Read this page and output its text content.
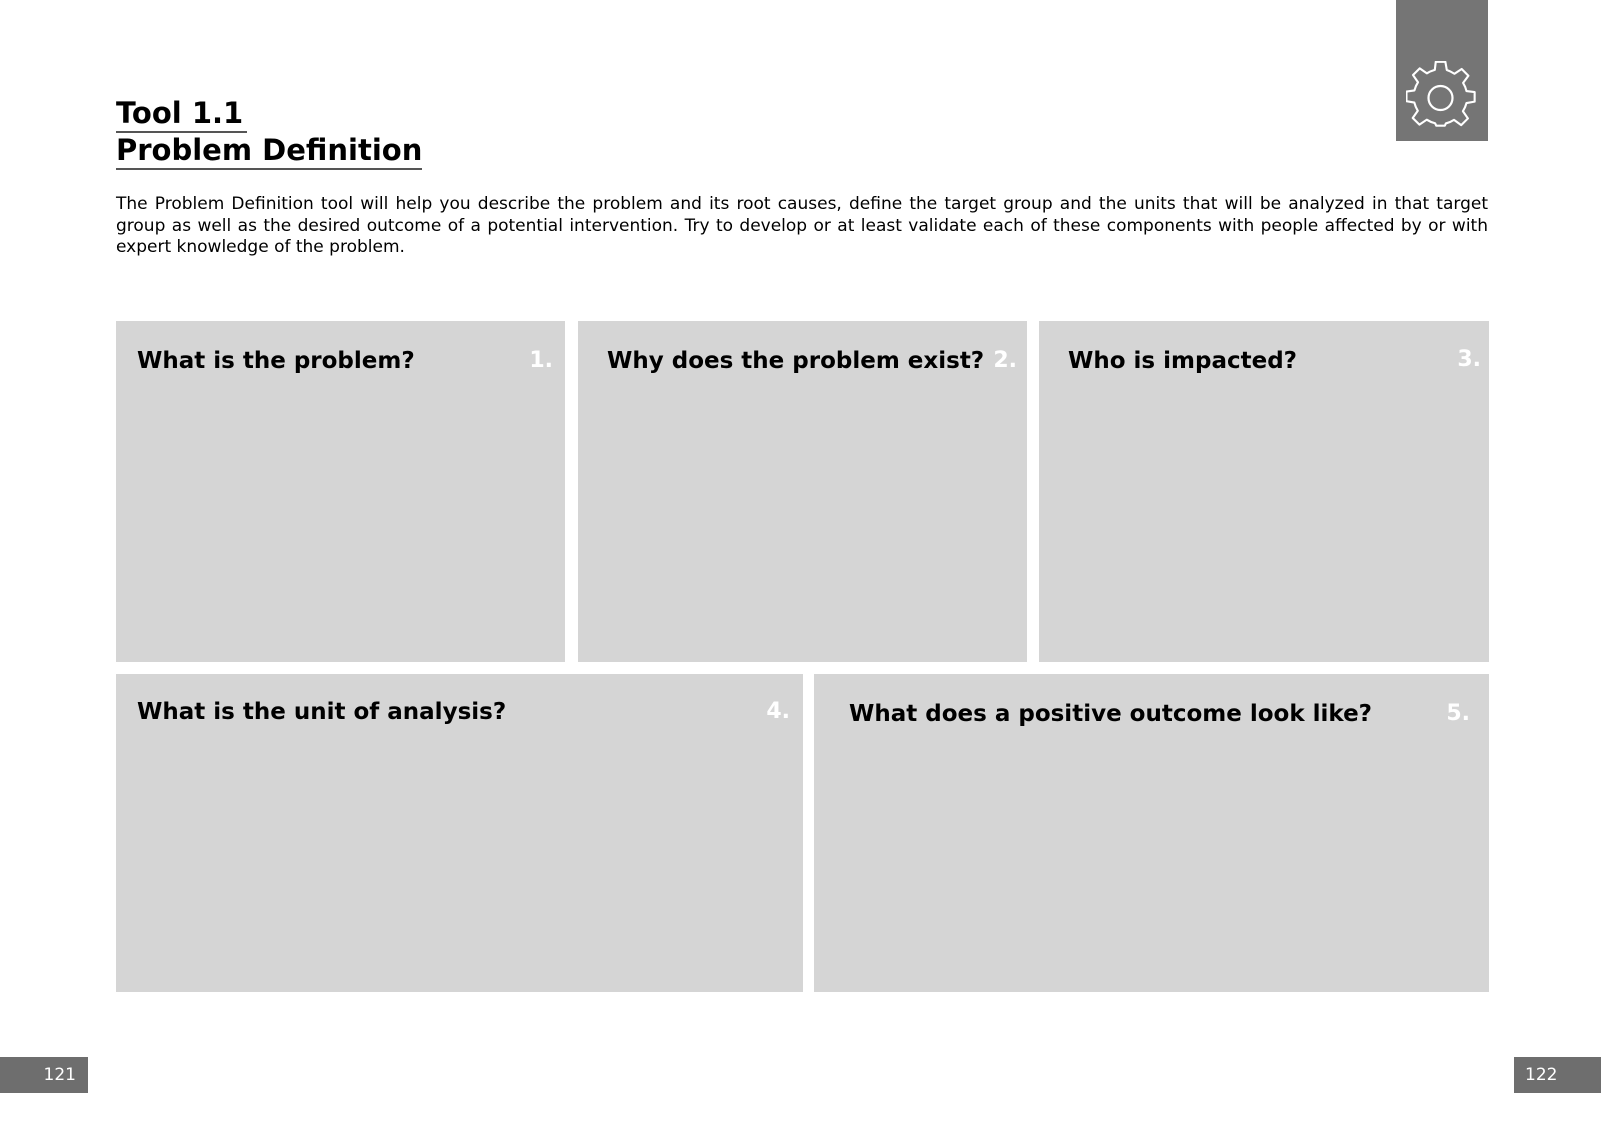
Tool 1.1
Problem Definition

The Problem Definition tool will help you describe the problem and its root causes, define the target group and the units that will be analyzed in that target group as well as the desired outcome of a potential intervention. Try to develop or at least validate each of these components with people affected by or with expert knowledge of the problem.

What is the problem?	1. Why does the problem exist? 2. Who is impacted?	3.
What is the unit of analysis?	4.	What does a positive outcome look like?	5.
121	122
